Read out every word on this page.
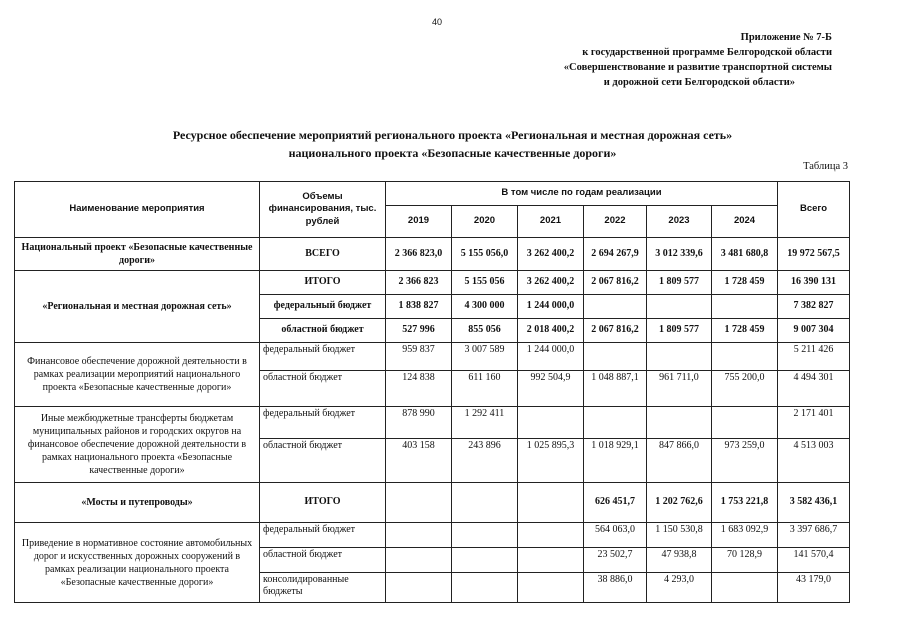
40
Приложение № 7-Б
к государственной программе Белгородской области
«Совершенствование и развитие транспортной системы
и дорожной сети Белгородской области»
Ресурсное обеспечение мероприятий регионального проекта «Региональная и местная дорожная сеть»
национального проекта «Безопасные качественные дороги»
Таблица 3
Наименование мероприятия	Объемы финансирования, тыс. рублей	В том числе по годам реализации						Всего
		2019	2020	2021	2022	2023	2024	
Национальный проект «Безопасные качественные дороги»	ВСЕГО	2 366 823,0	5 155 056,0	3 262 400,2	2 694 267,9	3 012 339,6	3 481 680,8	19 972 567,5
«Региональная и местная дорожная сеть»	ИТОГО	2 366 823	5 155 056	3 262 400,2	2 067 816,2	1 809 577	1 728 459	16 390 131
	федеральный бюджет	1 838 827	4 300 000	1 244 000,0				7 382 827
	областной бюджет	527 996	855 056	2 018 400,2	2 067 816,2	1 809 577	1 728 459	9 007 304
Финансовое обеспечение дорожной деятельности в рамках реализации мероприятий национального проекта «Безопасные качественные дороги»	федеральный бюджет	959 837	3 007 589	1 244 000,0				5 211 426
	областной бюджет	124 838	611 160	992 504,9	1 048 887,1	961 711,0	755 200,0	4 494 301
Иные межбюджетные трансферты бюджетам муниципальных районов и городских округов на финансовое обеспечение дорожной деятельности в рамках национального проекта «Безопасные качественные дороги»	федеральный бюджет	878 990	1 292 411					2 171 401
	областной бюджет	403 158	243 896	1 025 895,3	1 018 929,1	847 866,0	973 259,0	4 513 003
«Мосты и путепроводы»	ИТОГО				626 451,7	1 202 762,6	1 753 221,8	3 582 436,1
Приведение в нормативное состояние автомобильных дорог и искусственных дорожных сооружений в рамках реализации национального проекта «Безопасные качественные дороги»	федеральный бюджет				564 063,0	1 150 530,8	1 683 092,9	3 397 686,7
	областной бюджет				23 502,7	47 938,8	70 128,9	141 570,4
	консолидированные бюджеты				38 886,0	4 293,0		43 179,0
